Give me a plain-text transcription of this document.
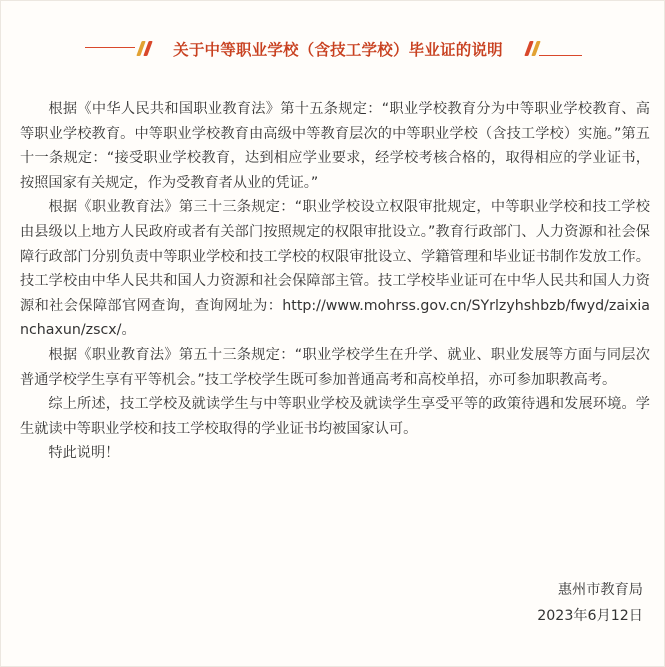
关于中等职业学校（含技工学校）毕业证的说明

根据《中华人民共和国职业教育法》第十五条规定：“职业学校教育分为中等职业学校教育、高等职业学校教育。中等职业学校教育由高级中等教育层次的中等职业学校（含技工学校）实施。”第五十一条规定：“接受职业学校教育，达到相应学业要求，经学校考核合格的，取得相应的学业证书，按照国家有关规定，作为受教育者从业的凭证。”

根据《职业教育法》第三十三条规定：“职业学校设立权限审批规定，中等职业学校和技工学校由县级以上地方人民政府或者有关部门按照规定的权限审批设立。”教育行政部门、人力资源和社会保障行政部门分别负责中等职业学校和技工学校的权限审批设立、学籍管理和毕业证书制作发放工作。技工学校由中华人民共和国人力资源和社会保障部主管。技工学校毕业证可在中华人民共和国人力资源和社会保障部官网查询，查询网址为：http://www.mohrss.gov.cn/SYrlzyhshbzb/fwyd/zaixianchaxun/zscx/。

根据《职业教育法》第五十三条规定：“职业学校学生在升学、就业、职业发展等方面与同层次普通学校学生享有平等机会。”技工学校学生既可参加普通高考和高校单招，亦可参加职教高考。

综上所述，技工学校及就读学生与中等职业学校及就读学生享受平等的政策待遇和发展环境。学生就读中等职业学校和技工学校取得的学业证书均被国家认可。

特此说明！

惠州市教育局
2023年6月12日
